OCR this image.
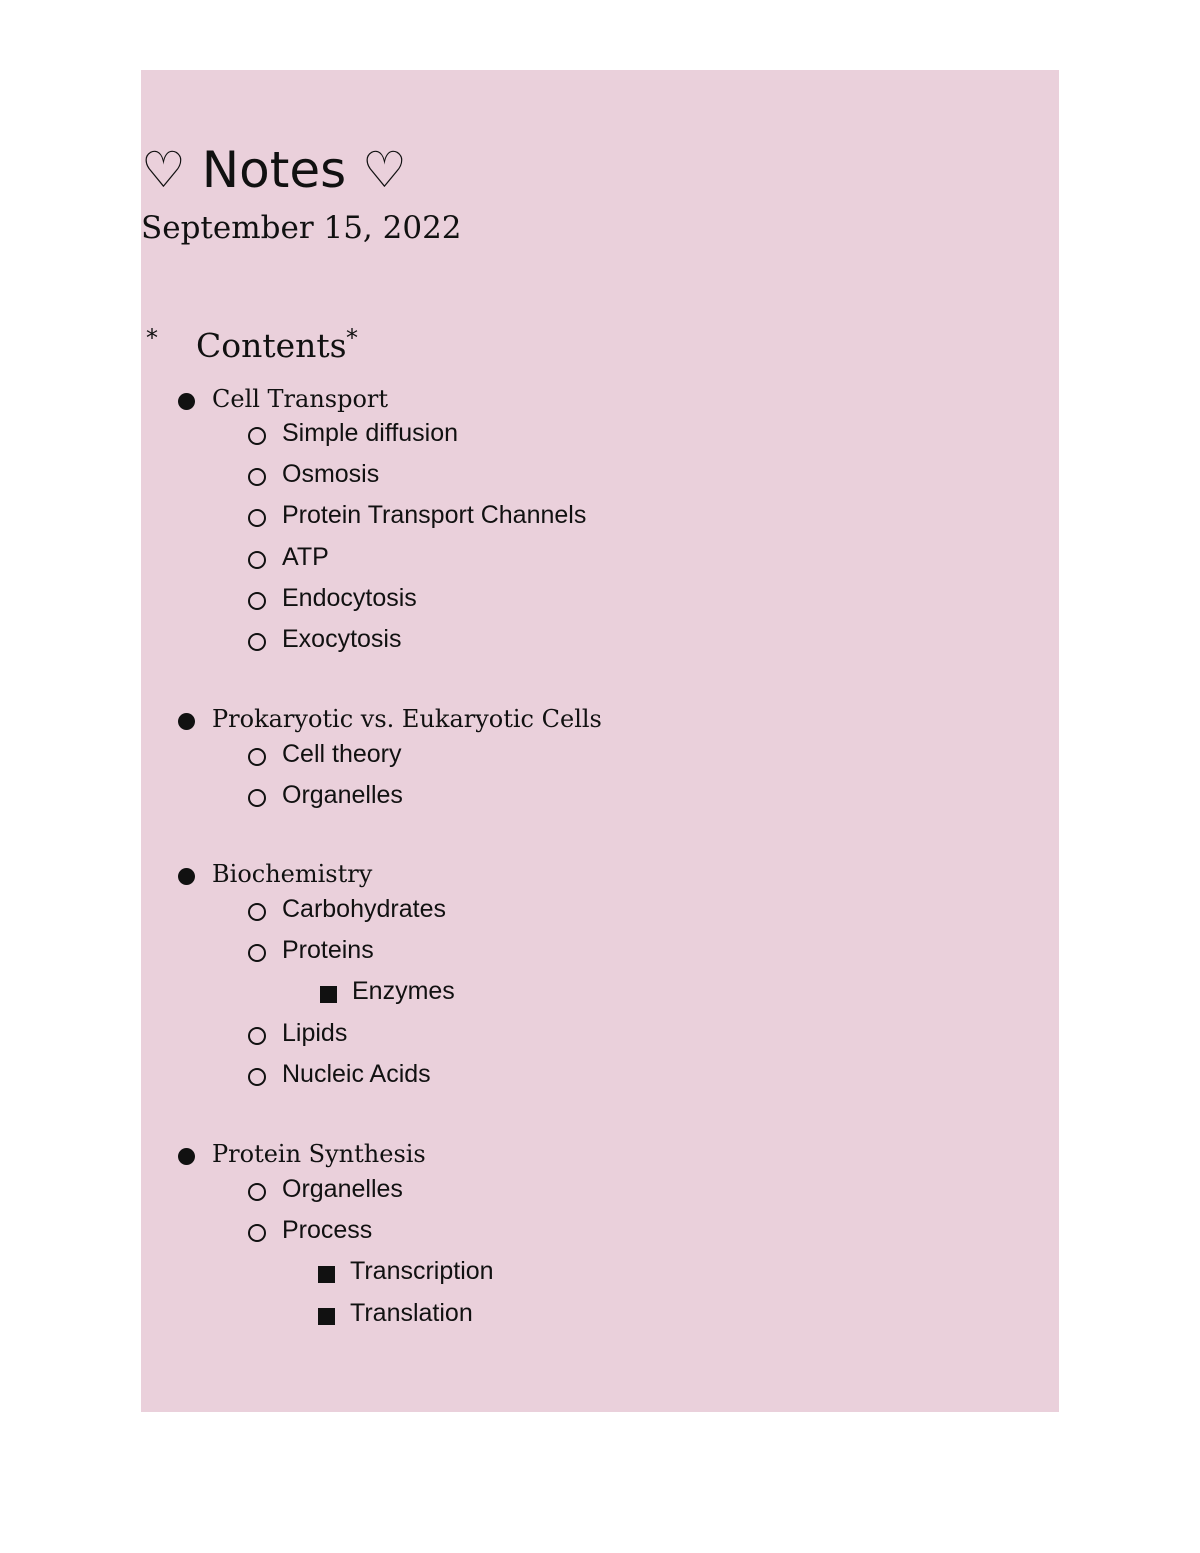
♡ Notes ♡
September 15, 2022
* Contents *
Cell Transport
Simple diffusion
Osmosis
Protein Transport Channels
ATP
Endocytosis
Exocytosis
Prokaryotic vs. Eukaryotic Cells
Cell theory
Organelles
Biochemistry
Carbohydrates
Proteins
Enzymes
Lipids
Nucleic Acids
Protein Synthesis
Organelles
Process
Transcription
Translation
